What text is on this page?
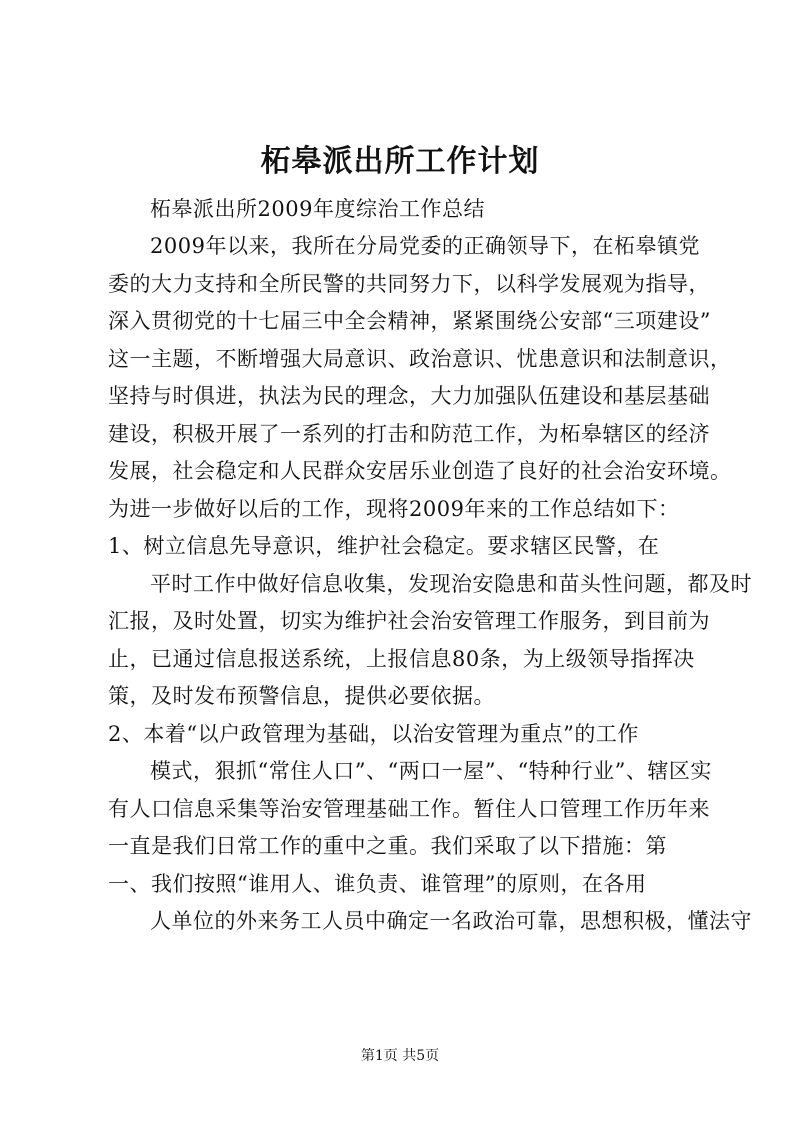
柘皋派出所工作计划
柘皋派出所2009年度综治工作总结
2009年以来，我所在分局党委的正确领导下，在柘皋镇党
委的大力支持和全所民警的共同努力下，以科学发展观为指导，
深入贯彻党的十七届三中全会精神，紧紧围绕公安部“三项建设”
这一主题，不断增强大局意识、政治意识、忧患意识和法制意识，
坚持与时俱进，执法为民的理念，大力加强队伍建设和基层基础
建设，积极开展了一系列的打击和防范工作，为柘皋辖区的经济
发展，社会稳定和人民群众安居乐业创造了良好的社会治安环境。
为进一步做好以后的工作，现将2009年来的工作总结如下：
1、树立信息先导意识，维护社会稳定。要求辖区民警，在
平时工作中做好信息收集，发现治安隐患和苗头性问题，都及时
汇报，及时处置，切实为维护社会治安管理工作服务，到目前为
止，已通过信息报送系统，上报信息80条，为上级领导指挥决
策，及时发布预警信息，提供必要依据。
2、本着“以户政管理为基础，以治安管理为重点”的工作
模式，狠抓“常住人口”、“两口一屋”、“特种行业”、辖区实
有人口信息采集等治安管理基础工作。暂住人口管理工作历年来
一直是我们日常工作的重中之重。我们采取了以下措施：第
一、我们按照“谁用人、谁负责、谁管理”的原则，在各用
人单位的外来务工人员中确定一名政治可靠，思想积极，懂法守
第1页 共5页
